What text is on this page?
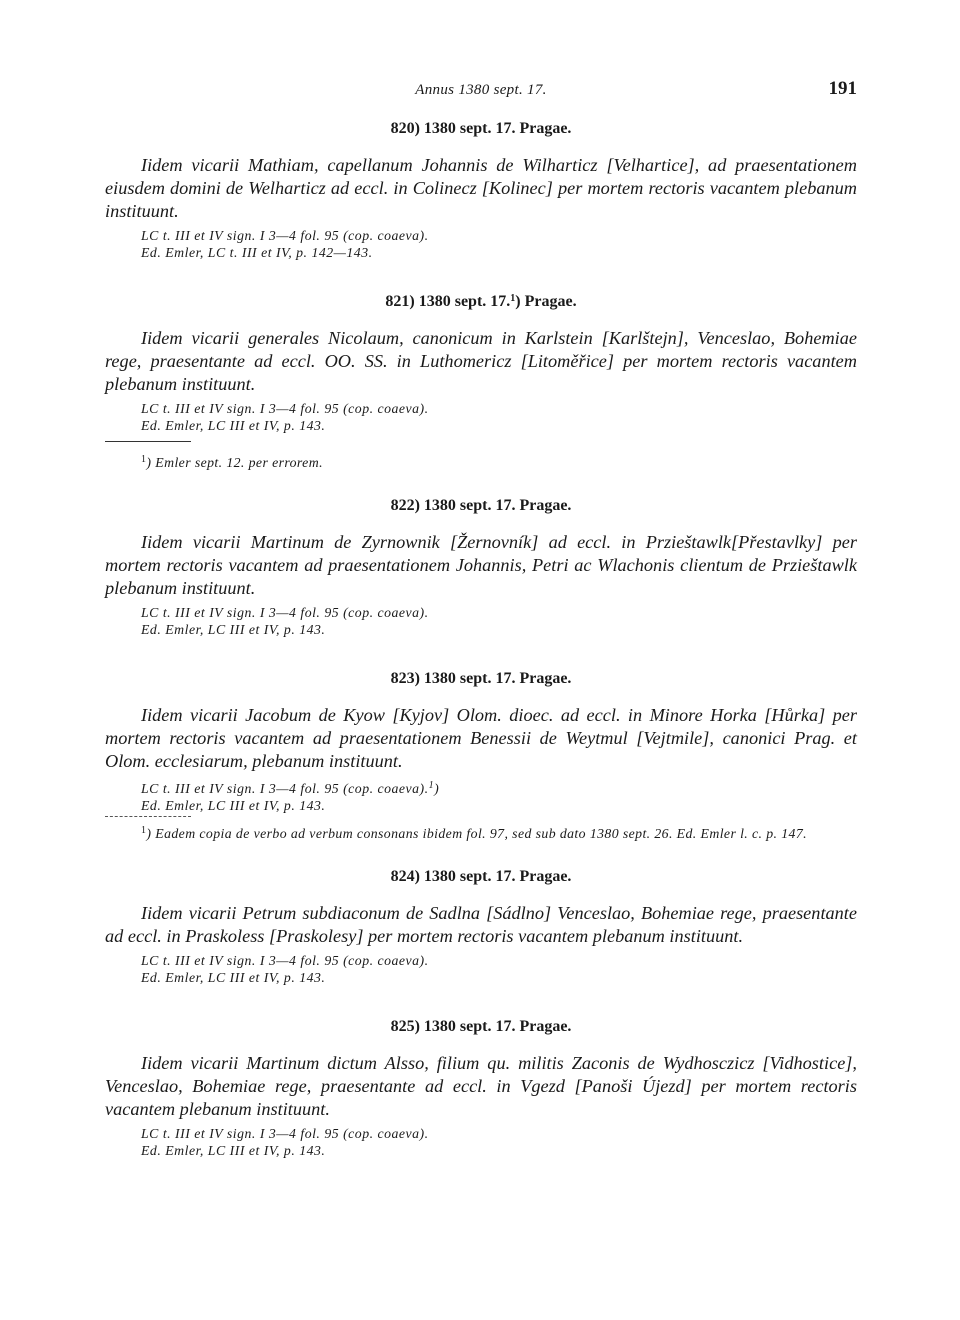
Annus 1380 sept. 17.	191
820) 1380 sept. 17. Pragae.

Iidem vicarii Mathiam, capellanum Johannis de Wilharticz [Velhartice], ad praesentationem eiusdem domini de Welharticz ad eccl. in Colinecz [Kolinec] per mortem rectoris vacantem plebanum instituunt.

LC t. III et IV sign. I 3—4 fol. 95 (cop. coaeva).

Ed. Emler, LC t. III et IV, p. 142—143.

821) 1380 sept. 17.$^1$) Pragae.

Iidem vicarii generales Nicolaum, canonicum in Karlstein [Karlštejn], Venceslao, Bohemiae rege, praesentante ad eccl. OO. SS. in Luthomericz [Litoměřice] per mortem rectoris vacantem plebanum instituunt.

LC t. III et IV sign. I 3—4 fol. 95 (cop. coaeva).

Ed. Emler, LC III et IV, p. 143.

$^1$) Emler sept. 12. per errorem.

822) 1380 sept. 17. Pragae.

Iidem vicarii Martinum de Zyrnownik [Žernovník] ad eccl. in Przieštawlk[Přestavlky] per mortem rectoris vacantem ad praesentationem Johannis, Petri ac Wlachonis clientum de Przieštawlk plebanum instituunt.

LC t. III et IV sign. I 3—4 fol. 95 (cop. coaeva).

Ed. Emler, LC III et IV, p. 143.

823) 1380 sept. 17. Pragae.

Iidem vicarii Jacobum de Kyow [Kyjov] Olom. dioec. ad eccl. in Minore Horka [Hůrka] per mortem rectoris vacantem ad praesentationem Benessii de Weytmul [Vejtmile], canonici Prag. et Olom. ecclesiarum, plebanum instituunt.

LC t. III et IV sign. I 3—4 fol. 95 (cop. coaeva).$^1$)

Ed. Emler, LC III et IV, p. 143.

$^1$) Eadem copia de verbo ad verbum consonans ibidem fol. 97, sed sub dato 1380 sept. 26. Ed. Emler l. c. p. 147.

824) 1380 sept. 17. Pragae.

Iidem vicarii Petrum subdiaconum de Sadlna [Sádlno] Venceslao, Bohemiae rege, praesentante ad eccl. in Praskoless [Praskolesy] per mortem rectoris vacantem plebanum instituunt.

LC t. III et IV sign. I 3—4 fol. 95 (cop. coaeva).

Ed. Emler, LC III et IV, p. 143.

825) 1380 sept. 17. Pragae.

Iidem vicarii Martinum dictum Alsso, filium qu. militis Zaconis de Wydhosczicz [Vidhostice], Venceslao, Bohemiae rege, praesentante ad eccl. in Vgezd [Panoši Újezd] per mortem rectoris vacantem plebanum instituunt.

LC t. III et IV sign. I 3—4 fol. 95 (cop. coaeva).

Ed. Emler, LC III et IV, p. 143.
